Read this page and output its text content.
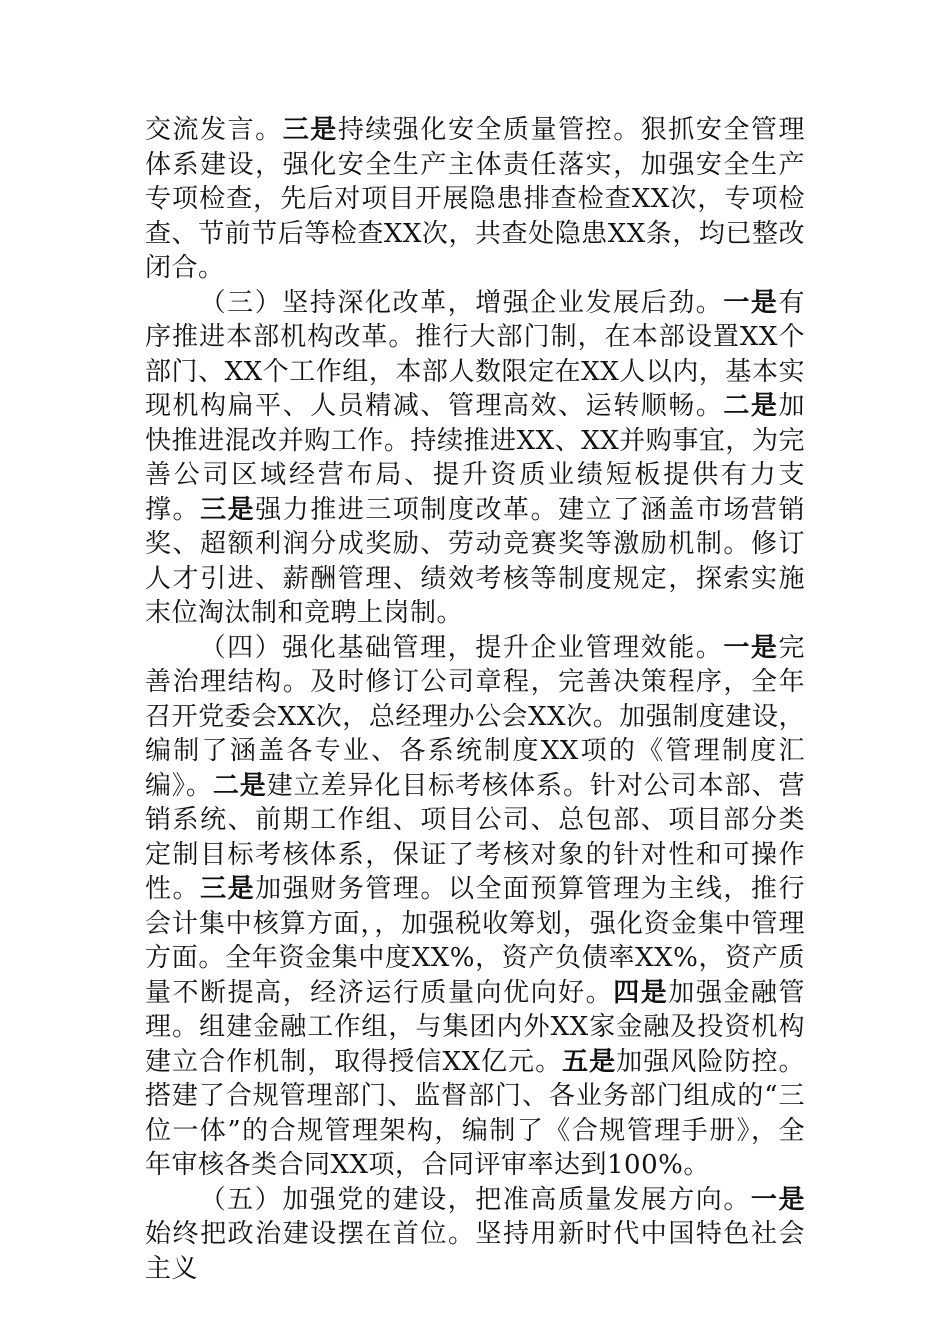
交流发言。三是持续强化安全质量管控。狠抓安全管理体系建设，强化安全生产主体责任落实，加强安全生产专项检查，先后对项目开展隐患排查检查XX次，专项检查、节前节后等检查XX次，共查处隐患XX条，均已整改闭合。

（三）坚持深化改革，增强企业发展后劲。一是有序推进本部机构改革。推行大部门制，在本部设置XX个部门、XX个工作组，本部人数限定在XX人以内，基本实现机构扁平、人员精减、管理高效、运转顺畅。二是加快推进混改并购工作。持续推进XX、XX并购事宜，为完善公司区域经营布局、提升资质业绩短板提供有力支撑。三是强力推进三项制度改革。建立了涵盖市场营销奖、超额利润分成奖励、劳动竞赛奖等激励机制。修订人才引进、薪酬管理、绩效考核等制度规定，探索实施末位淘汰制和竞聘上岗制。

（四）强化基础管理，提升企业管理效能。一是完善治理结构。及时修订公司章程，完善决策程序，全年召开党委会XX次，总经理办公会XX次。加强制度建设，编制了涵盖各专业、各系统制度XX项的《管理制度汇编》。二是建立差异化目标考核体系。针对公司本部、营销系统、前期工作组、项目公司、总包部、项目部分类定制目标考核体系，保证了考核对象的针对性和可操作性。三是加强财务管理。以全面预算管理为主线，推行会计集中核算方面，，加强税收筹划，强化资金集中管理方面。全年资金集中度XX%，资产负债率XX%，资产质量不断提高，经济运行质量向优向好。四是加强金融管理。组建金融工作组，与集团内外XX家金融及投资机构建立合作机制，取得授信XX亿元。五是加强风险防控。搭建了合规管理部门、监督部门、各业务部门组成的“三位一体”的合规管理架构，编制了《合规管理手册》，全年审核各类合同XX项，合同评审率达到100%。

（五）加强党的建设，把准高质量发展方向。一是始终把政治建设摆在首位。坚持用新时代中国特色社会主义
